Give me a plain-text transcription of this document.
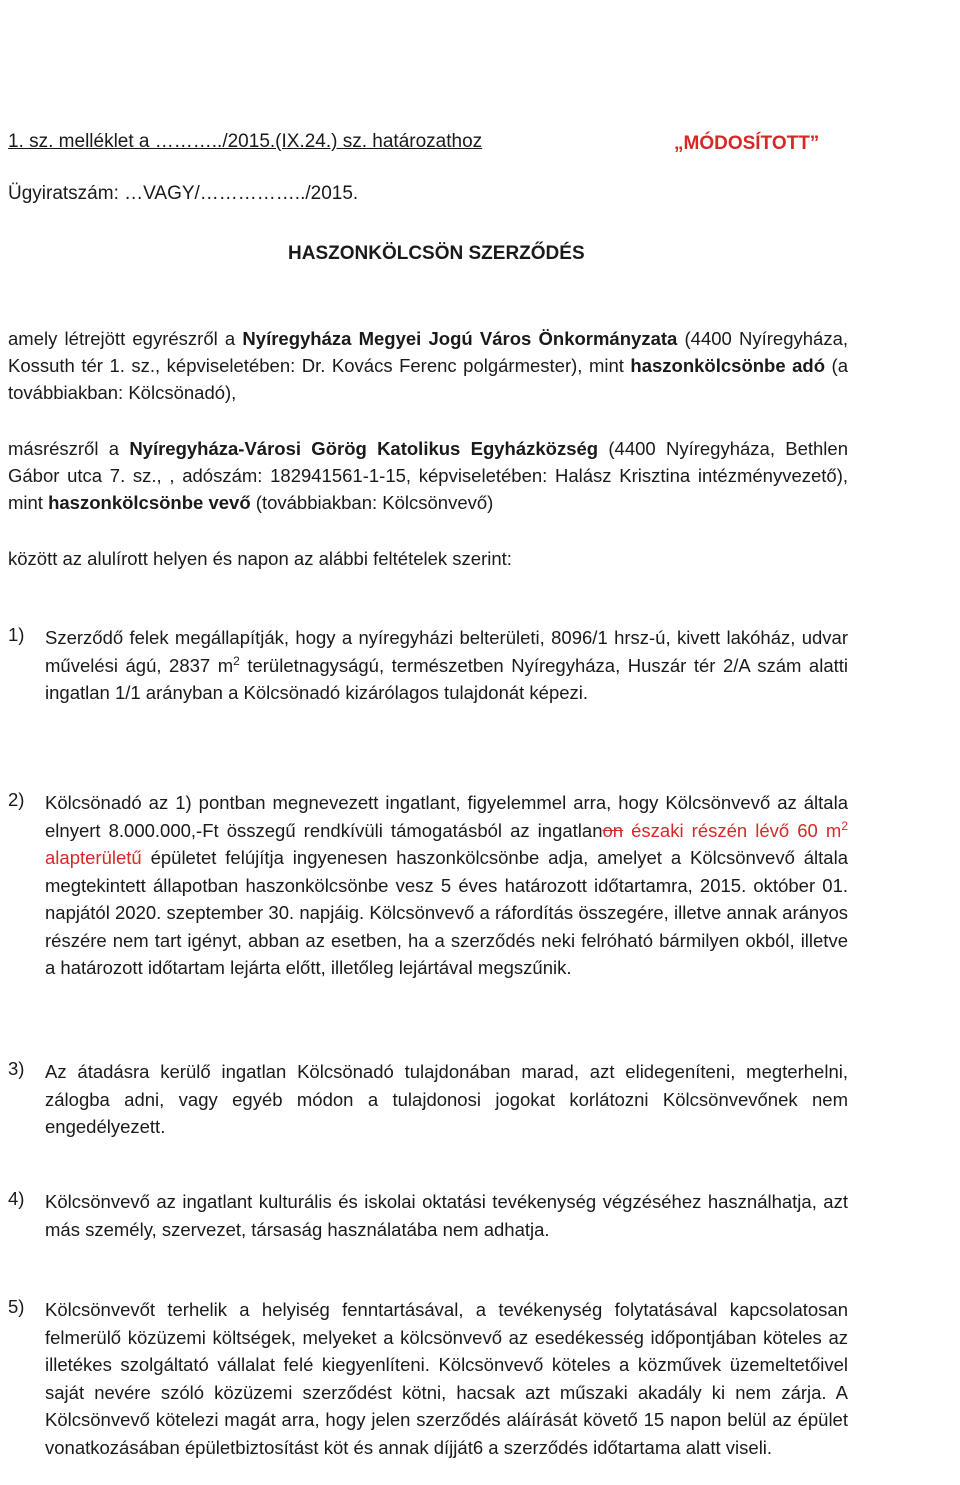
1. sz. melléklet a ………../2015.(IX.24.) sz. határozathoz	„MÓDOSÍTOTT”
Ügyiratszám: …VAGY/……………../2015.
HASZONKÖLCSÖN SZERZŐDÉS
amely létrejött egyrészről a Nyíregyháza Megyei Jogú Város Önkormányzata (4400 Nyíregyháza, Kossuth tér 1. sz., képviseletében: Dr. Kovács Ferenc polgármester), mint haszonkölcsönbe adó (a továbbiakban: Kölcsönadó),
másrészről a Nyíregyháza-Városi Görög Katolikus Egyházközség (4400 Nyíregyháza, Bethlen Gábor utca 7. sz., , adószám: 182941561-1-15, képviseletében: Halász Krisztina intézményvezető), mint haszonkölcsönbe vevő (továbbiakban: Kölcsönvevő)
között az alulírott helyen és napon az alábbi feltételek szerint:
1)	Szerződő felek megállapítják, hogy a nyíregyházi belterületi, 8096/1 hrsz-ú, kivett lakóház, udvar művelési ágú, 2837 $m^2$ területnagyságú, természetben Nyíregyháza, Huszár tér 2/A szám alatti ingatlan 1/1 arányban a Kölcsönadó kizárólagos tulajdonát képezi.
2)	Kölcsönadó az 1) pontban megnevezett ingatlant, figyelemmel arra, hogy Kölcsönvevő az általa elnyert 8.000.000,-Ft összegű rendkívüli támogatásból az ingatlanon északi részén lévő 60 $m^2$ alapterületű épületet felújítja ingyenesen haszonkölcsönbe adja, amelyet a Kölcsönvevő általa megtekintett állapotban haszonkölcsönbe vesz 5 éves határozott időtartamra, 2015. október 01. napjától 2020. szeptember 30. napjáig. Kölcsönvevő a ráfordítás összegére, illetve annak arányos részére nem tart igényt, abban az esetben, ha a szerződés neki felróható bármilyen okból, illetve a határozott időtartam lejárta előtt, illetőleg lejártával megszűnik.
3)	Az átadásra kerülő ingatlan Kölcsönadó tulajdonában marad, azt elidegeníteni, megterhelni, zálogba adni, vagy egyéb módon a tulajdonosi jogokat korlátozni Kölcsönvevőnek nem engedélyezett.
4)	Kölcsönvevő az ingatlant kulturális és iskolai oktatási tevékenység végzéséhez használhatja, azt más személy, szervezet, társaság használatába nem adhatja.
5)	Kölcsönvevőt terhelik a helyiség fenntartásával, a tevékenység folytatásával kapcsolatosan felmerülő közüzemi költségek, melyeket a kölcsönvevő az esedékesség időpontjában köteles az illetékes szolgáltató vállalat felé kiegyenlíteni. Kölcsönvevő köteles a közművek üzemeltetőivel saját nevére szóló közüzemi szerződést kötni, hacsak azt műszaki akadály ki nem zárja. A Kölcsönvevő kötelezi magát arra, hogy jelen szerződés aláírását követő 15 napon belül az épület vonatkozásában épületbiztosítást köt és annak díjját6 a szerződés időtartama alatt viseli.
